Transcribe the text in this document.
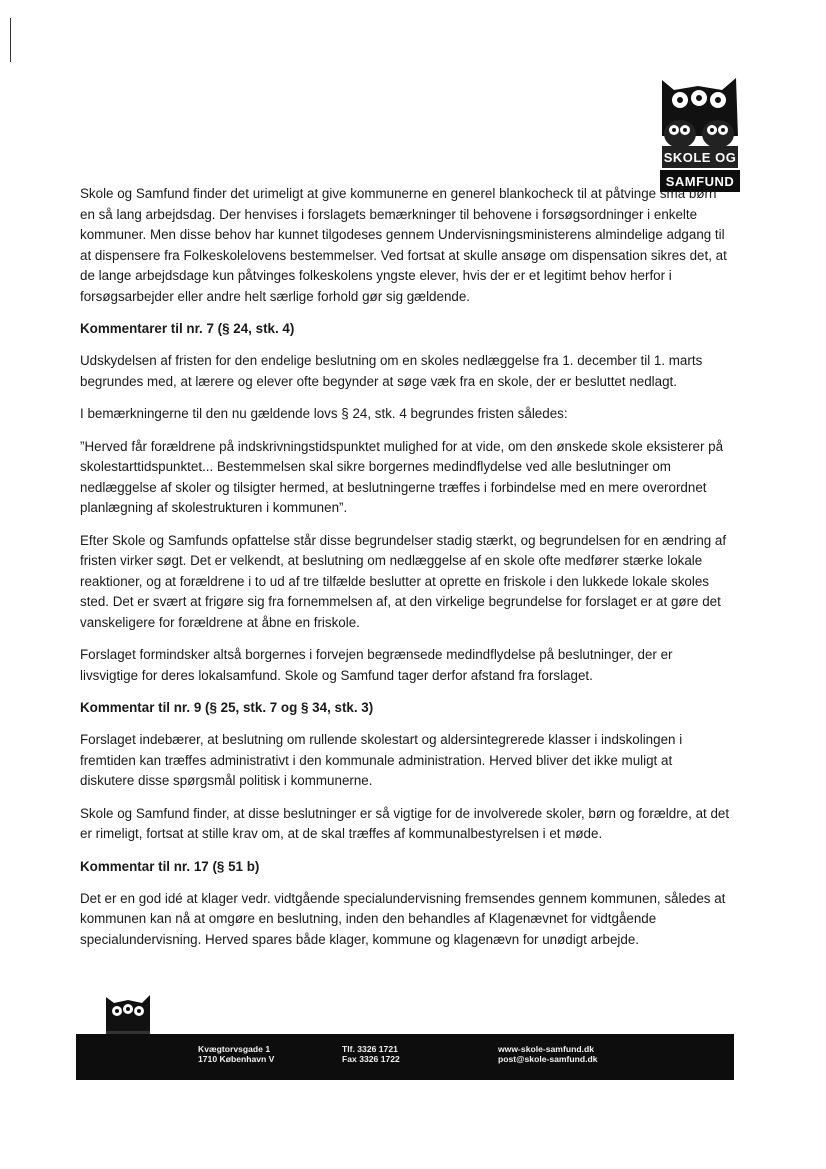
SKOLE OG
SAMFUND

Skole og Samfund finder det urimeligt at give kommunerne en generel blankocheck til at påtvinge små børn en så lang arbejdsdag. Der henvises i forslagets bemærkninger til behovene i forsøgsordninger i enkelte kommuner. Men disse behov har kunnet tilgodeses gennem Undervisningsministerens almindelige adgang til at dispensere fra Folkeskolelovens bestemmelser. Ved fortsat at skulle ansøge om dispensation sikres det, at de lange arbejdsdage kun påtvinges folkeskolens yngste elever, hvis der er et legitimt behov herfor i forsøgsarbejder eller andre helt særlige forhold gør sig gældende.

Kommentarer til nr. 7 (§ 24, stk. 4)

Udskydelsen af fristen for den endelige beslutning om en skoles nedlæggelse fra 1. december til 1. marts begrundes med, at lærere og elever ofte begynder at søge væk fra en skole, der er besluttet nedlagt.

I bemærkningerne til den nu gældende lovs § 24, stk. 4 begrundes fristen således:

”Herved får forældrene på indskrivningstidspunktet mulighed for at vide, om den ønskede skole eksisterer på skolestarttidspunktet... Bestemmelsen skal sikre borgernes medindflydelse ved alle beslutninger om nedlæggelse af skoler og tilsigter hermed, at beslutningerne træffes i forbindelse med en mere overordnet planlægning af skolestrukturen i kommunen”.

Efter Skole og Samfunds opfattelse står disse begrundelser stadig stærkt, og begrundelsen for en ændring af fristen virker søgt. Det er velkendt, at beslutning om nedlæggelse af en skole ofte medfører stærke lokale reaktioner, og at forældrene i to ud af tre tilfælde beslutter at oprette en friskole i den lukkede lokale skoles sted. Det er svært at frigøre sig fra fornemmelsen af, at den virkelige begrundelse for forslaget er at gøre det vanskeligere for forældrene at åbne en friskole.

Forslaget formindsker altså borgernes i forvejen begrænsede medindflydelse på beslutninger, der er livsvigtige for deres lokalsamfund. Skole og Samfund tager derfor afstand fra forslaget.

Kommentar til nr. 9 (§ 25, stk. 7 og § 34, stk. 3)

Forslaget indebærer, at beslutning om rullende skolestart og aldersintegrerede klasser i indskolingen i fremtiden kan træffes administrativt i den kommunale administration. Herved bliver det ikke muligt at diskutere disse spørgsmål politisk i kommunerne.

Skole og Samfund finder, at disse beslutninger er så vigtige for de involverede skoler, børn og forældre, at det er rimeligt, fortsat at stille krav om, at de skal træffes af kommunalbestyrelsen i et møde.

Kommentar til nr. 17 (§ 51 b)

Det er en god idé at klager vedr. vidtgående specialundervisning fremsendes gennem kommunen, således at kommunen kan nå at omgøre en beslutning, inden den behandles af Klagenævnet for vidtgående specialundervisning. Herved spares både klager, kommune og klagenævn for unødigt arbejde.

Kvægtorvsgade 1
1710 København V
Tlf. 3326 1721
Fax 3326 1722
www-skole-samfund.dk
post@skole-samfund.dk
